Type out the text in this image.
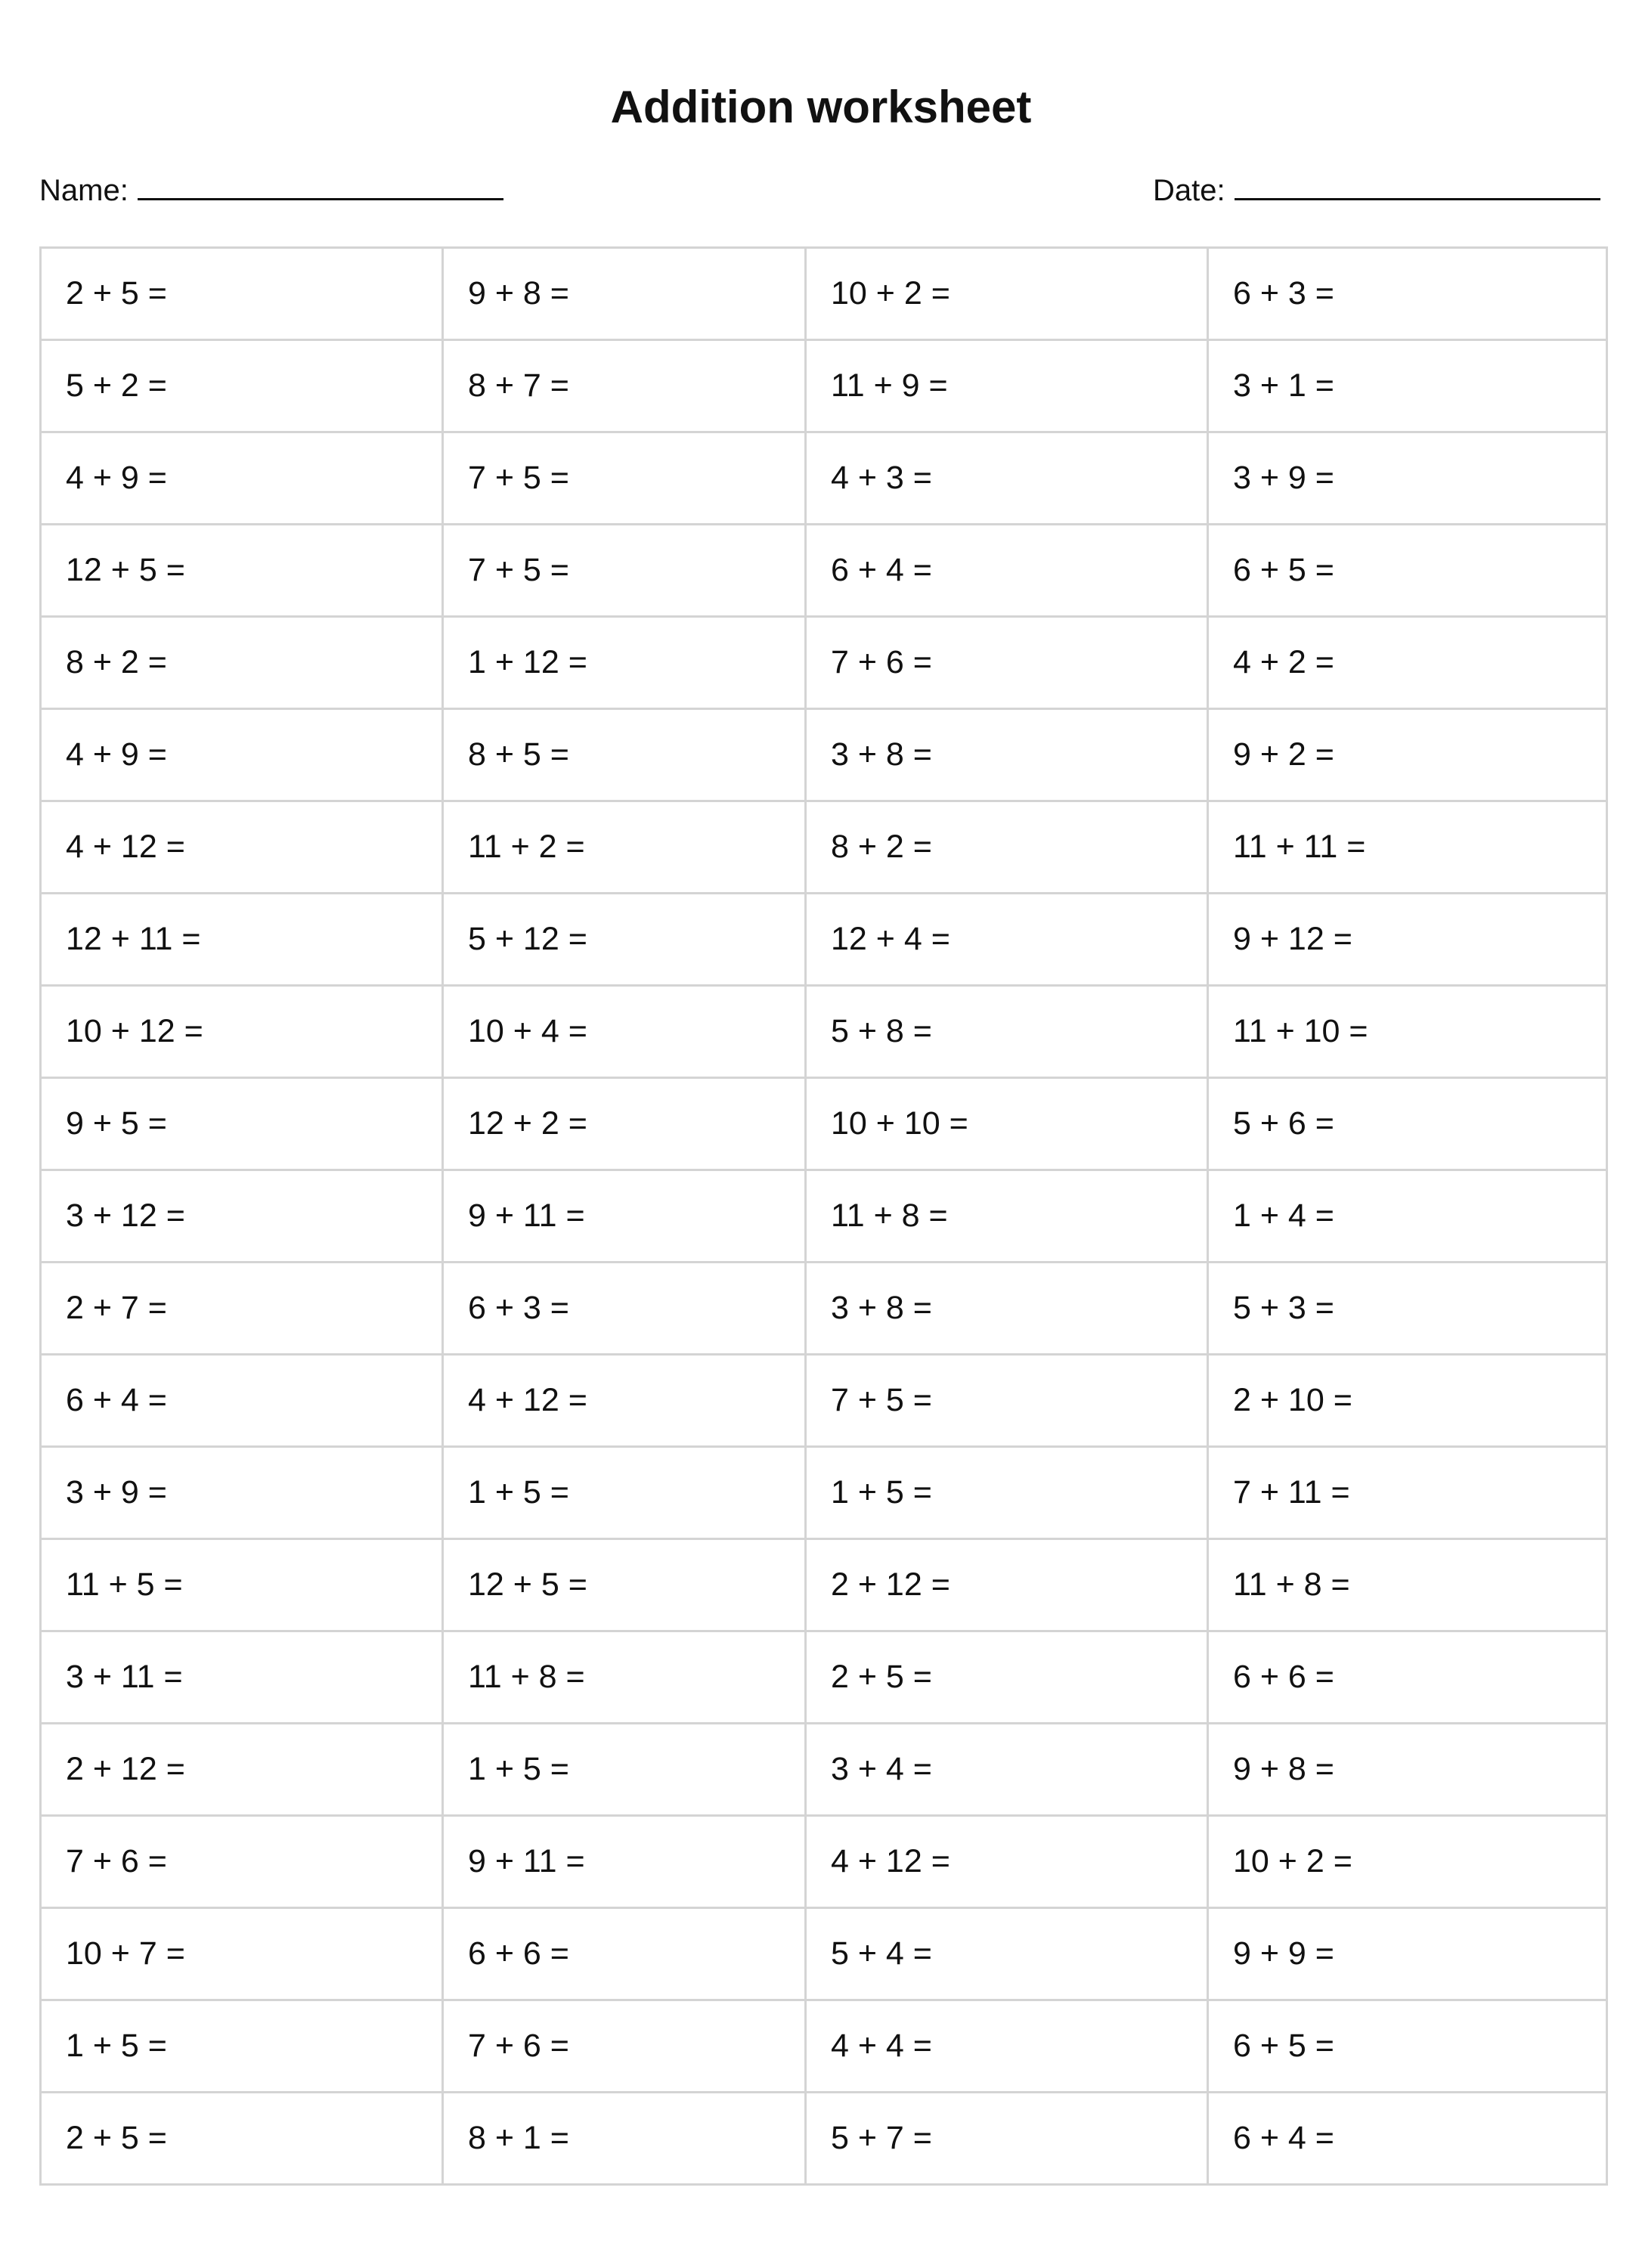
Addition worksheet
Name:	Date:
2 + 5 =	9 + 8 =	10 + 2 =	6 + 3 =
5 + 2 =	8 + 7 =	11 + 9 =	3 + 1 =
4 + 9 =	7 + 5 =	4 + 3 =	3 + 9 =
12 + 5 =	7 + 5 =	6 + 4 =	6 + 5 =
8 + 2 =	1 + 12 =	7 + 6 =	4 + 2 =
4 + 9 =	8 + 5 =	3 + 8 =	9 + 2 =
4 + 12 =	11 + 2 =	8 + 2 =	11 + 11 =
12 + 11 =	5 + 12 =	12 + 4 =	9 + 12 =
10 + 12 =	10 + 4 =	5 + 8 =	11 + 10 =
9 + 5 =	12 + 2 =	10 + 10 =	5 + 6 =
3 + 12 =	9 + 11 =	11 + 8 =	1 + 4 =
2 + 7 =	6 + 3 =	3 + 8 =	5 + 3 =
6 + 4 =	4 + 12 =	7 + 5 =	2 + 10 =
3 + 9 =	1 + 5 =	1 + 5 =	7 + 11 =
11 + 5 =	12 + 5 =	2 + 12 =	11 + 8 =
3 + 11 =	11 + 8 =	2 + 5 =	6 + 6 =
2 + 12 =	1 + 5 =	3 + 4 =	9 + 8 =
7 + 6 =	9 + 11 =	4 + 12 =	10 + 2 =
10 + 7 =	6 + 6 =	5 + 4 =	9 + 9 =
1 + 5 =	7 + 6 =	4 + 4 =	6 + 5 =
2 + 5 =	8 + 1 =	5 + 7 =	6 + 4 =
